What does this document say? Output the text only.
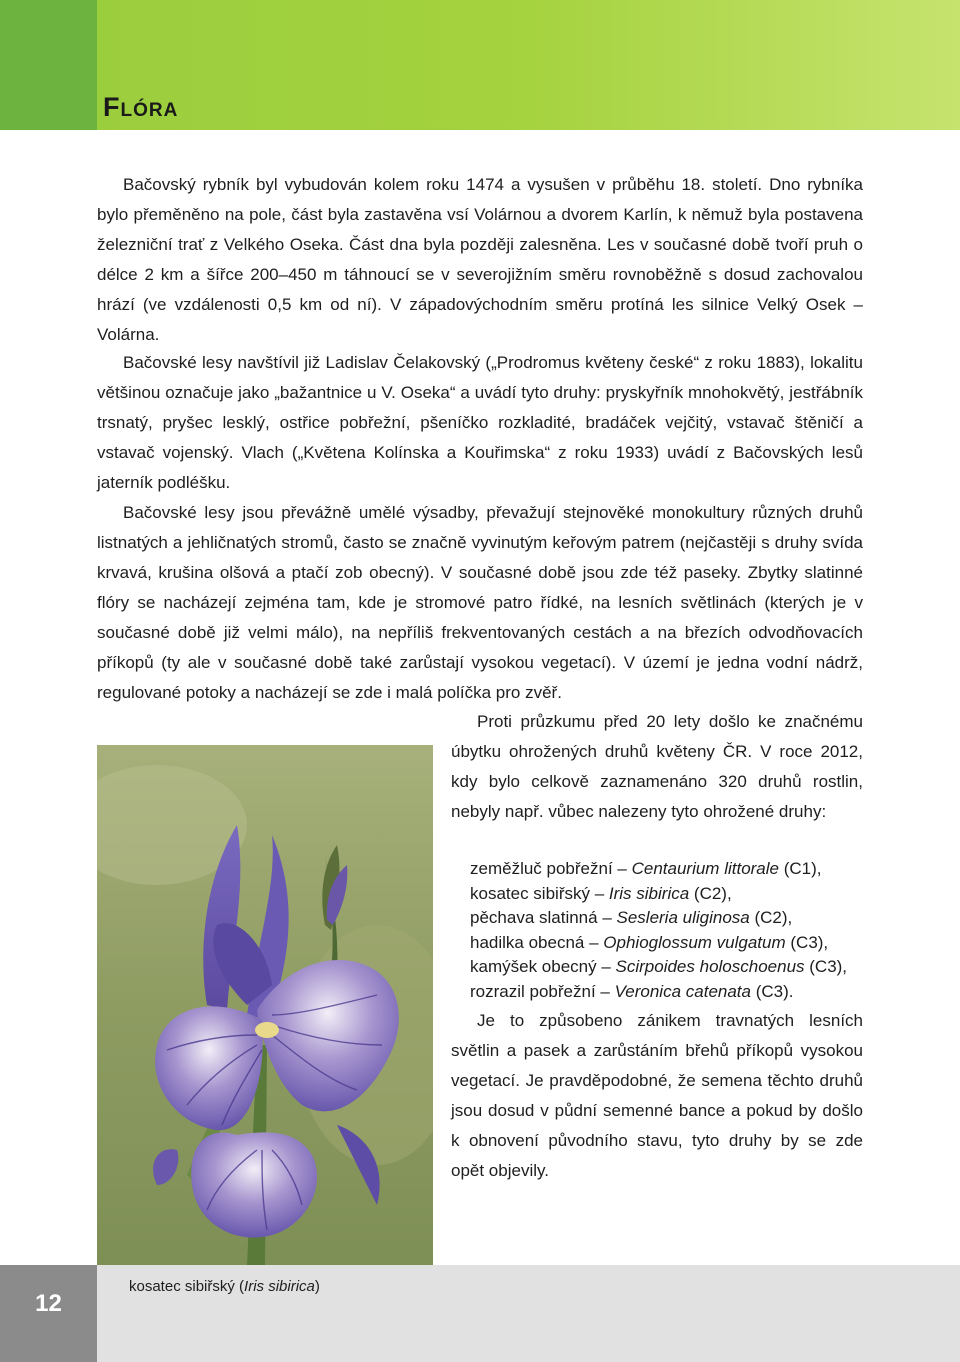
Flóra

Bačovský rybník byl vybudován kolem roku 1474 a vysušen v průběhu 18. století. Dno rybníka bylo přeměněno na pole, část byla zastavěna vsí Volárnou a dvorem Karlín, k němuž byla postavena železniční trať z Velkého Oseka. Část dna byla později zalesněna. Les v současné době tvoří pruh o délce 2 km a šířce 200–450 m táhnoucí se v severojižním směru rovnoběžně s dosud zachovalou hrází (ve vzdálenosti 0,5 km od ní). V západovýchodním směru protíná les silnice Velký Osek – Volárna.

Bačovské lesy navštívil již Ladislav Čelakovský („Prodromus květeny české“ z roku 1883), lokalitu většinou označuje jako „bažantnice u V. Oseka“ a uvádí tyto druhy: pryskyřník mnohokvětý, jestřábník trsnatý, pryšec lesklý, ostřice pobřežní, pšeníčko rozkladité, bradáček vejčitý, vstavač štěničí a vstavač vojenský. Vlach („Květena Kolínska a Kouřimska“ z roku 1933) uvádí z Bačovských lesů jaterník podléšku.

Bačovské lesy jsou převážně umělé výsadby, převažují stejnověké monokultury různých druhů listnatých a jehličnatých stromů, často se značně vyvinutým keřovým patrem (nejčastěji s druhy svída krvavá, krušina olšová a ptačí zob obecný). V současné době jsou zde též paseky. Zbytky slatinné flóry se nacházejí zejména tam, kde je stromové patro řídké, na lesních světlinách (kterých je v současné době již velmi málo), na nepříliš frekventovaných cestách a na březích odvodňovacích příkopů (ty ale v současné době také zarůstají vysokou vegetací). V území je jedna vodní nádrž, regulované potoky a nacházejí se zde i malá políčka pro zvěř.

Proti průzkumu před 20 lety došlo ke značnému úbytku ohrožených druhů květeny ČR. V roce 2012, kdy bylo celkově zaznamenáno 320 druhů rostlin, nebyly např. vůbec nalezeny tyto ohrožené druhy:

zeměžluč pobřežní – Centaurium littorale (C1),
kosatec sibiřský – Iris sibirica (C2),
pěchava slatinná – Sesleria uliginosa (C2),
hadilka obecná – Ophioglossum vulgatum (C3),
kamýšek obecný – Scirpoides holoschoenus (C3),
rozrazil pobřežní – Veronica catenata (C3).

Je to způsobeno zánikem travnatých lesních světlin a pasek a zarůstáním břehů příkopů vysokou vegetací. Je pravděpodobné, že semena těchto druhů jsou dosud v půdní semenné bance a pokud by došlo k obnovení původního stavu, tyto druhy by se zde opět objevily.

12
kosatec sibiřský (Iris sibirica)
